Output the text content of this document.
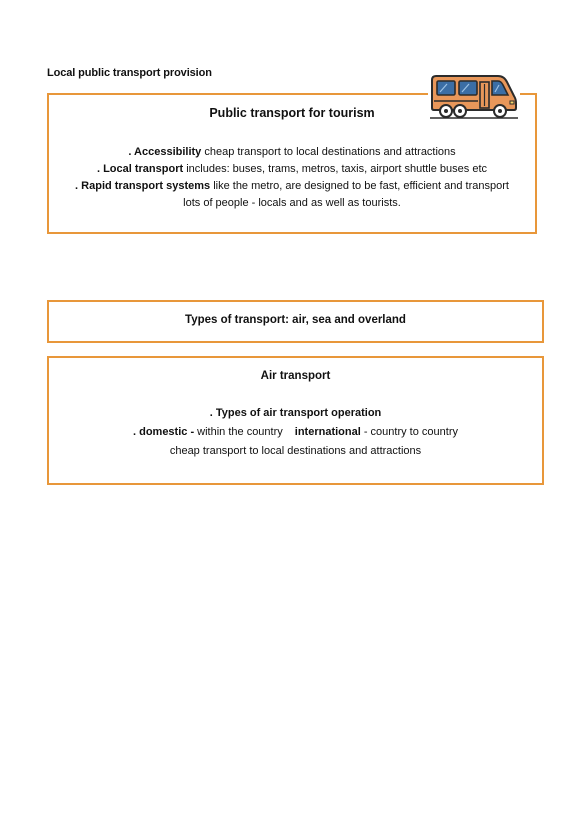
Local public transport provision
Public transport for tourism
. Accessibility cheap transport to local destinations and attractions
. Local transport includes: buses, trams, metros, taxis, airport shuttle buses etc
. Rapid transport systems like the metro, are designed to be fast, efficient and transport
lots of people - locals and as well as tourists.
Types of transport: air, sea and overland
Air transport
. Types of air transport operation
. domestic - within the country international - country to country
cheap transport to local destinations and attractions
